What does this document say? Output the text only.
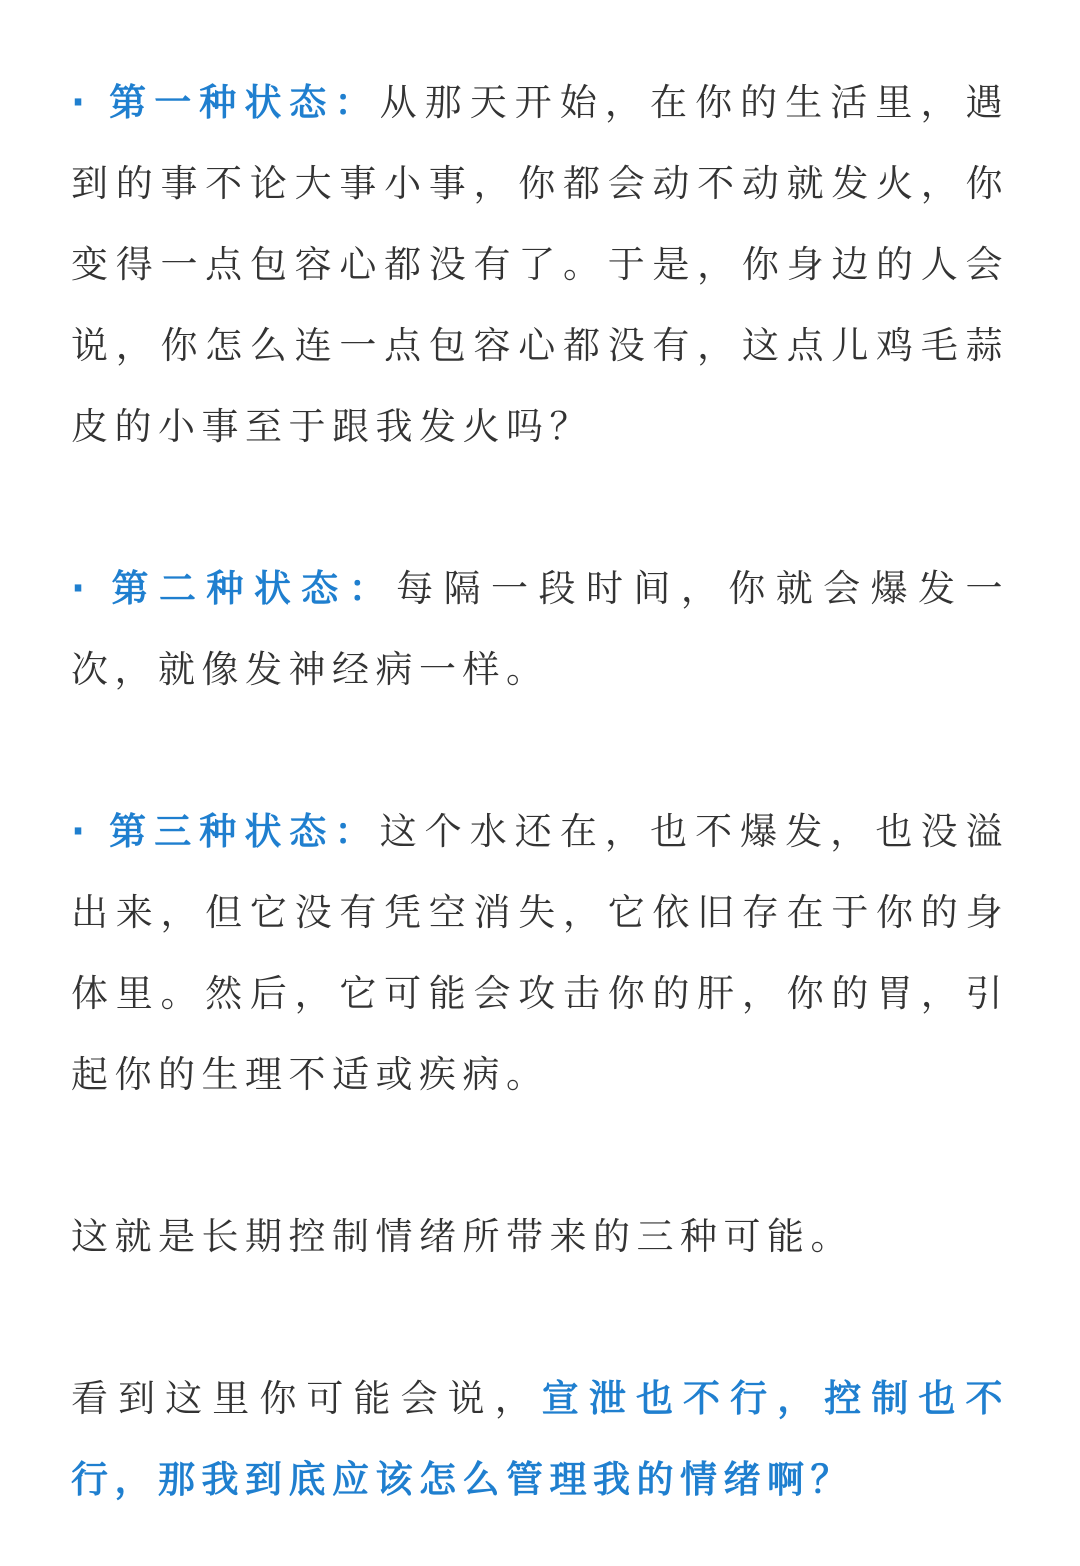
· 第一种状态：从那天开始，在你的生活里，遇到的事不论大事小事，你都会动不动就发火，你变得一点包容心都没有了。于是，你身边的人会说，你怎么连一点包容心都没有，这点儿鸡毛蒜皮的小事至于跟我发火吗？

· 第二种状态：每隔一段时间，你就会爆发一次，就像发神经病一样。

· 第三种状态：这个水还在，也不爆发，也没溢出来，但它没有凭空消失，它依旧存在于你的身体里。然后，它可能会攻击你的肝，你的胃，引起你的生理不适或疾病。

这就是长期控制情绪所带来的三种可能。

看到这里你可能会说，宣泄也不行，控制也不行，那我到底应该怎么管理我的情绪啊？
